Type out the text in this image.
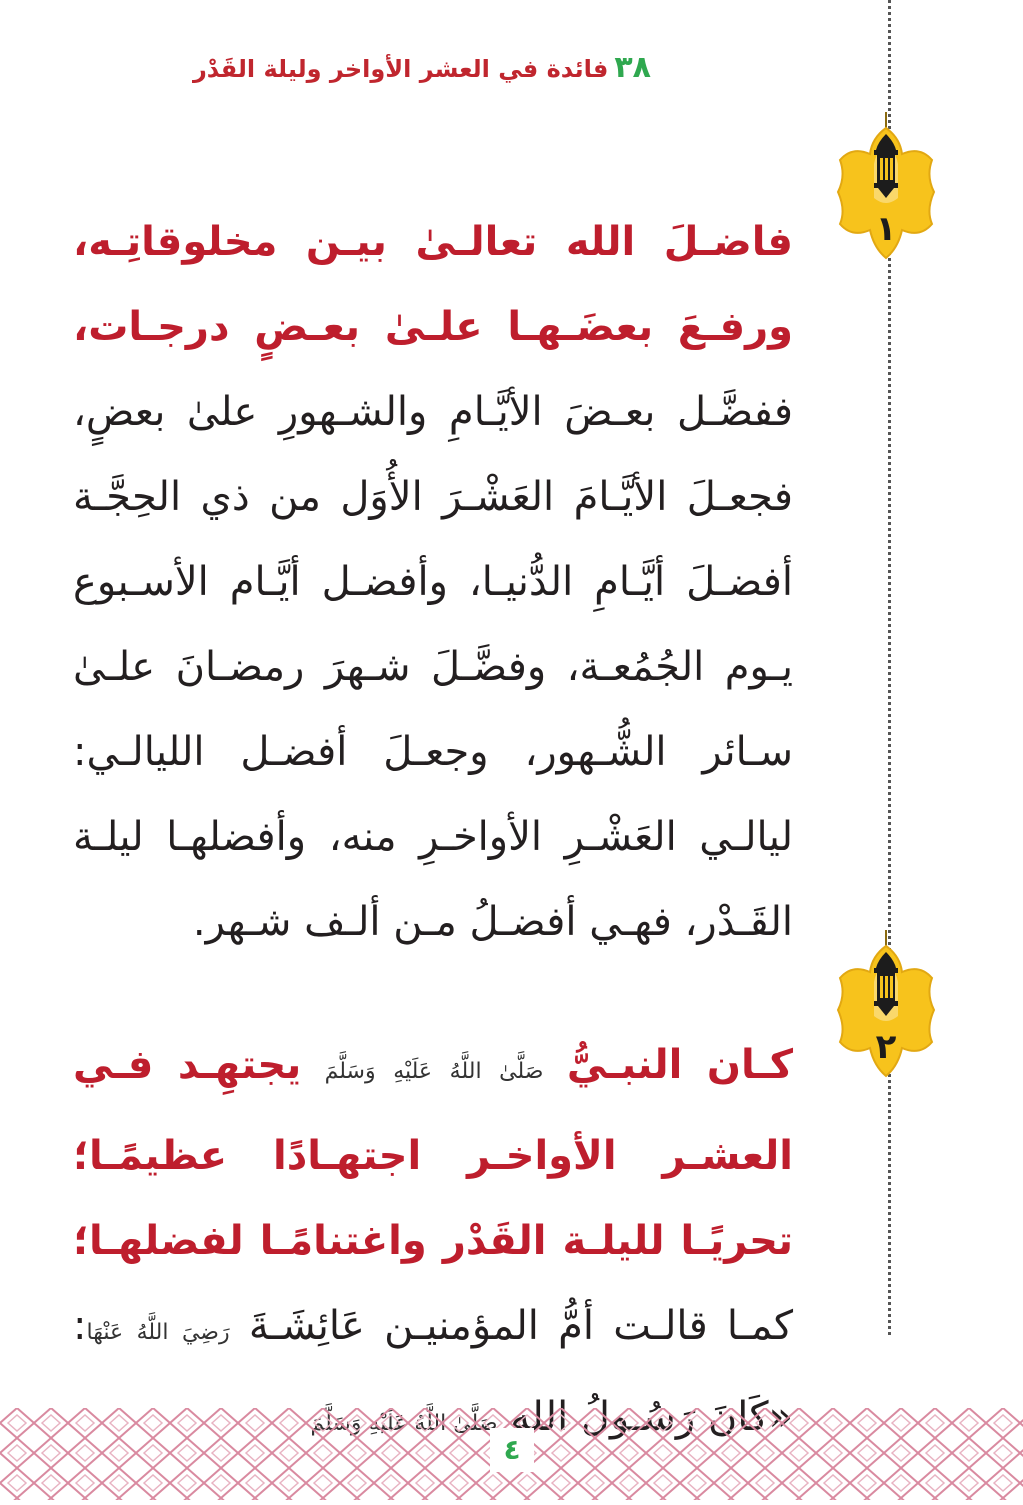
٣٨فائدة في العشر الأواخر وليلة القَدْر
١
٢

فاضـلَ الله تعالـىٰ بيـن مخلوقاتِـه، ورفـعَ بعضَـهـا علـىٰ بعـضٍ درجـات، ففضَّـل بعـضَ الأيَّـامِ والشـهورِ علىٰ بعضٍ، فجعـلَ الأيَّـامَ العَشْـرَ الأُوَل من ذي الحِجَّـة أفضـلَ أيَّـامِ الدُّنيـا، وأفضـل أيَّـام الأسـبوع يـوم الجُمُعـة، وفضَّـلَ شـهرَ رمضـانَ علـىٰ سـائر الشُّـهور، وجعـلَ أفضـل الليالـي: ليالـي العَشْـرِ الأواخـرِ منه، وأفضلهـا ليلـة القَـدْر، فهـي أفضـلُ مـن ألـف شـهر.

كـان النبـيُّ صَلَّىٰ اللَّهُ عَلَيْهِ وَسَلَّمَ يجتهِـد فـي العشـر الأواخـر اجتهـادًا عظيمًـا؛ تحريًـا لليلـة القَدْر واغتنامًـا لفضلهـا؛ كمـا قالـت أمُّ المؤمنيـن عَائِشَـةَ رَضِيَ اللَّهُ عَنْهَا:

٤
